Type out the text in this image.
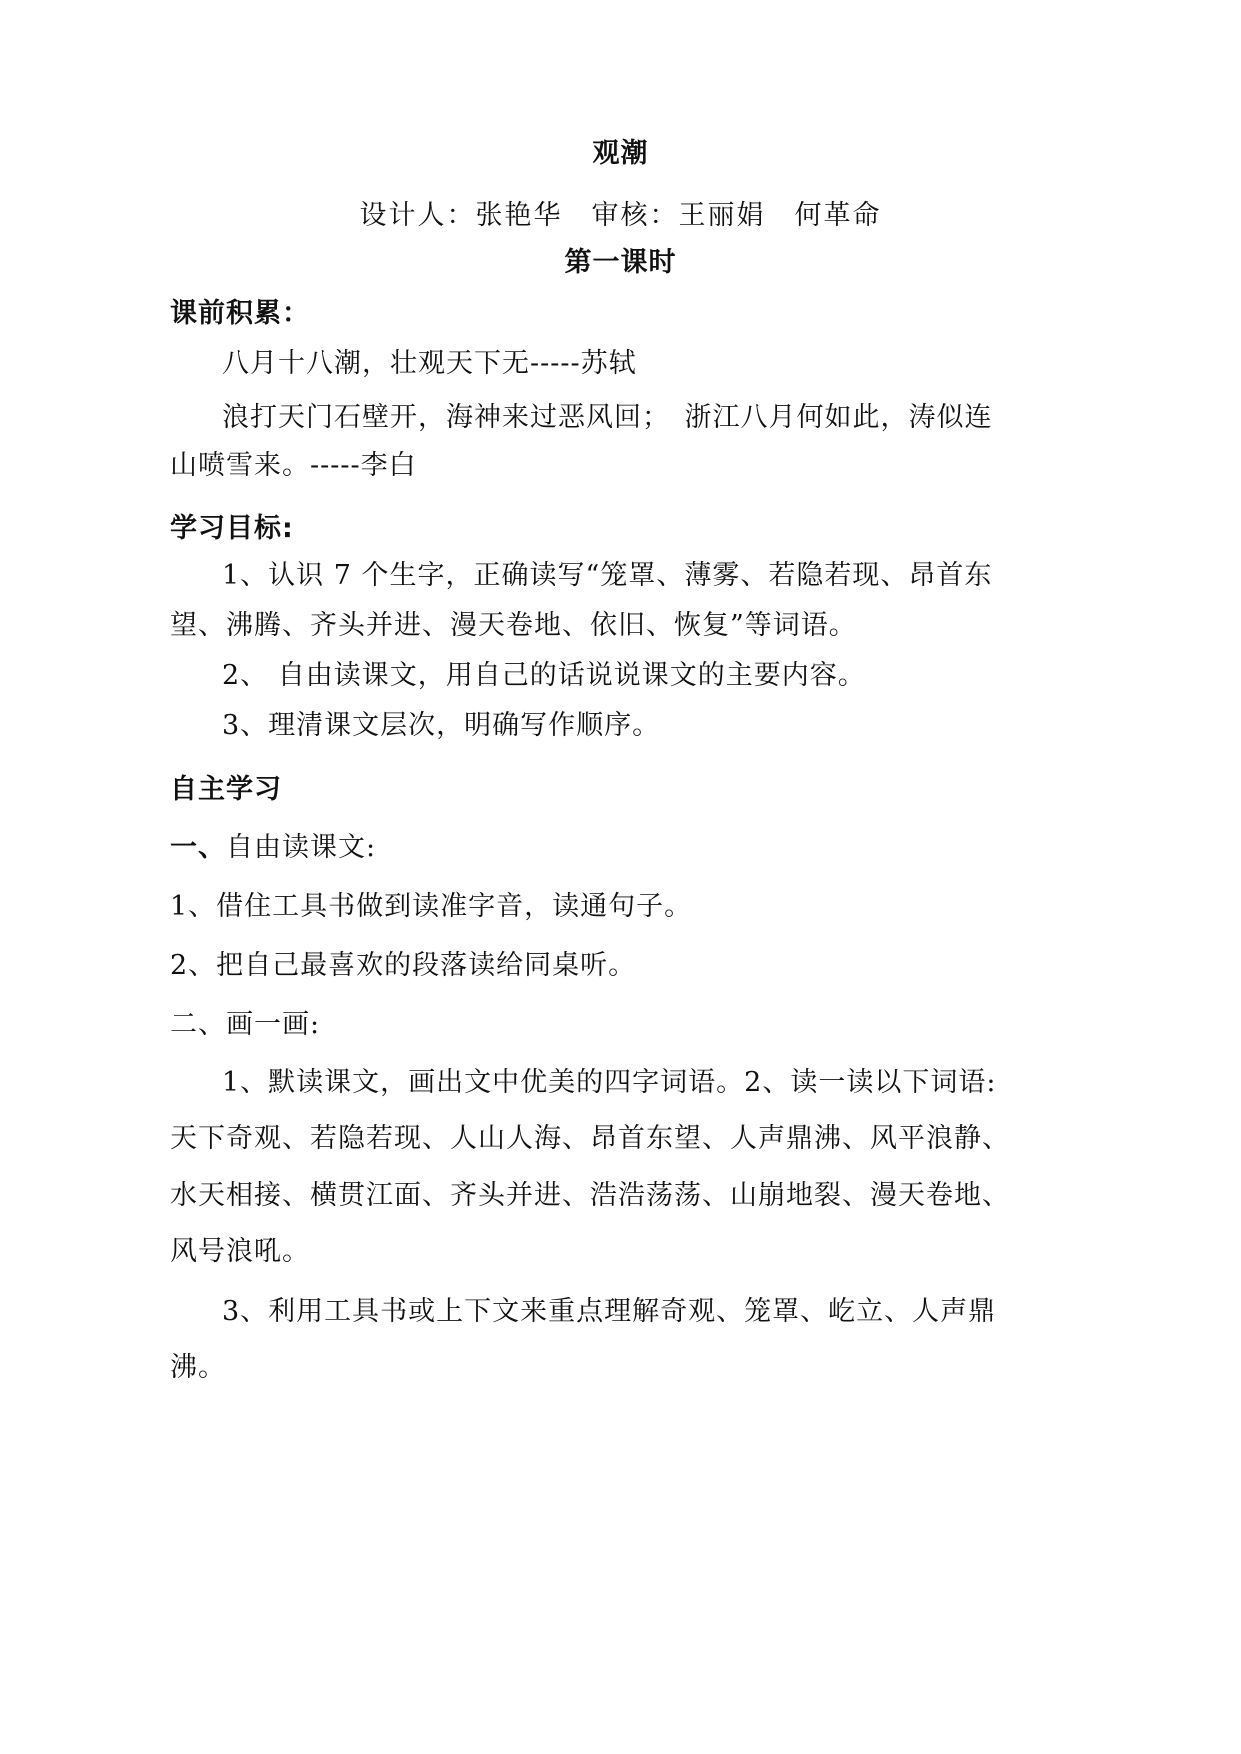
观潮
设计人：张艳华　审核：王丽娟　何革命
第一课时
课前积累：
八月十八潮，壮观天下无-----苏轼
浪打天门石壁开，海神来过恶风回；　浙江八月何如此，涛似连
山喷雪来。-----李白
学习目标:
1、认识 7 个生字，正确读写“笼罩、薄雾、若隐若现、昂首东
望、沸腾、齐头并进、漫天卷地、依旧、恢复”等词语。
2、 自由读课文，用自己的话说说课文的主要内容。
3、理清课文层次，明确写作顺序。
自主学习
一、自由读课文:
1、借住工具书做到读准字音，读通句子。
2、把自己最喜欢的段落读给同桌听。
二、画一画:
1、默读课文，画出文中优美的四字词语。2、读一读以下词语:
天下奇观、若隐若现、人山人海、昂首东望、人声鼎沸、风平浪静、
水天相接、横贯江面、齐头并进、浩浩荡荡、山崩地裂、漫天卷地、
风号浪吼。
3、利用工具书或上下文来重点理解奇观、笼罩、屹立、人声鼎
沸。
